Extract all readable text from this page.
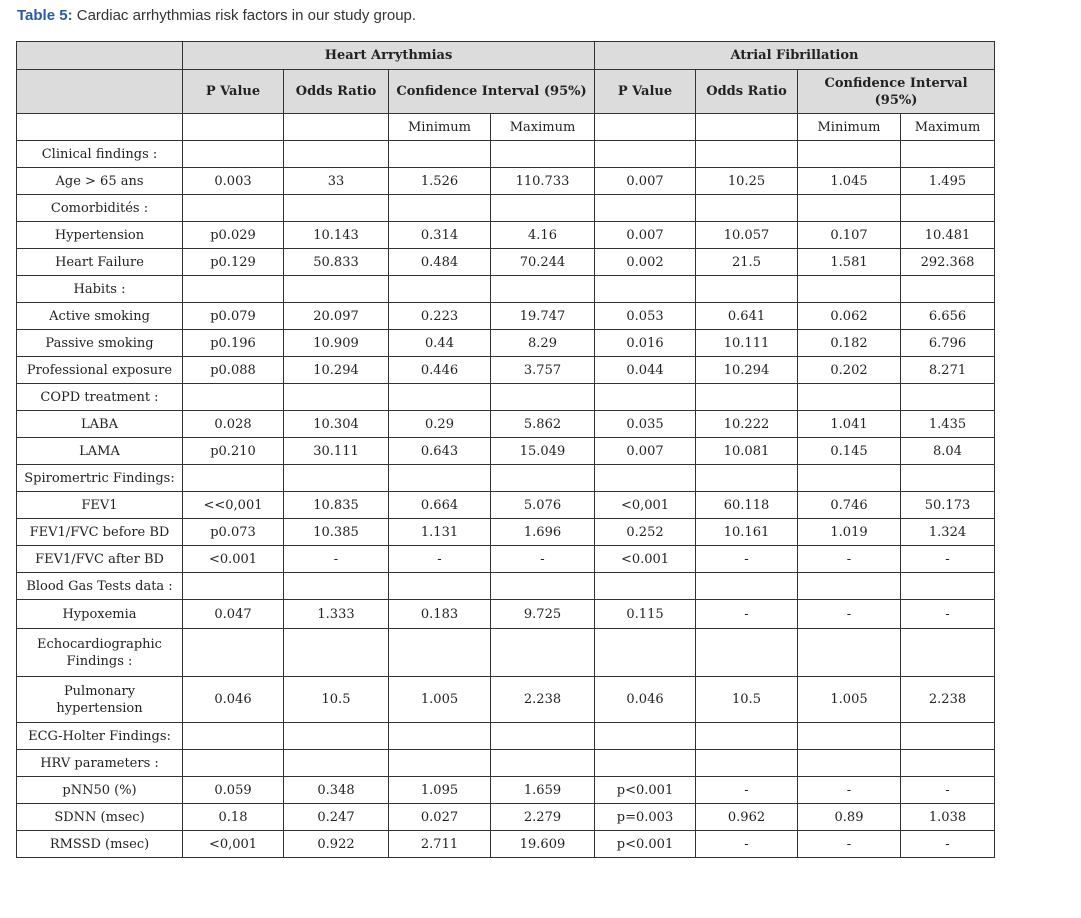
Table 5: Cardiac arrhythmias risk factors in our study group.
	Heart Arrythmias				Atrial Fibrillation			
	P Value	Odds Ratio	Confidence Interval (95%)		P Value	Odds Ratio	Confidence Interval (95%)	
			Minimum	Maximum			Minimum	Maximum
Clinical findings :								
Age > 65 ans	0.003	33	1.526	110.733	0.007	10.25	1.045	1.495
Comorbidités :								
Hypertension	p0.029	10.143	0.314	4.16	0.007	10.057	0.107	10.481
Heart Failure	p0.129	50.833	0.484	70.244	0.002	21.5	1.581	292.368
Habits :								
Active smoking	p0.079	20.097	0.223	19.747	0.053	0.641	0.062	6.656
Passive smoking	p0.196	10.909	0.44	8.29	0.016	10.111	0.182	6.796
Professional exposure	p0.088	10.294	0.446	3.757	0.044	10.294	0.202	8.271
COPD treatment :								
LABA	0.028	10.304	0.29	5.862	0.035	10.222	1.041	1.435
LAMA	p0.210	30.111	0.643	15.049	0.007	10.081	0.145	8.04
Spiromertric Findings:								
FEV1	<<0,001	10.835	0.664	5.076	<0,001	60.118	0.746	50.173
FEV1/FVC before BD	p0.073	10.385	1.131	1.696	0.252	10.161	1.019	1.324
FEV1/FVC after BD	<0.001	-	-	-	<0.001	-	-	-
Blood Gas Tests data :								
Hypoxemia	0.047	1.333	0.183	9.725	0.115	-	-	-
Echocardiographic Findings :								
Pulmonary hypertension	0.046	10.5	1.005	2.238	0.046	10.5	1.005	2.238
ECG-Holter Findings:								
HRV parameters :								
pNN50 (%)	0.059	0.348	1.095	1.659	p<0.001	-	-	-
SDNN (msec)	0.18	0.247	0.027	2.279	p=0.003	0.962	0.89	1.038
RMSSD (msec)	<0,001	0.922	2.711	19.609	p<0.001	-	-	-
